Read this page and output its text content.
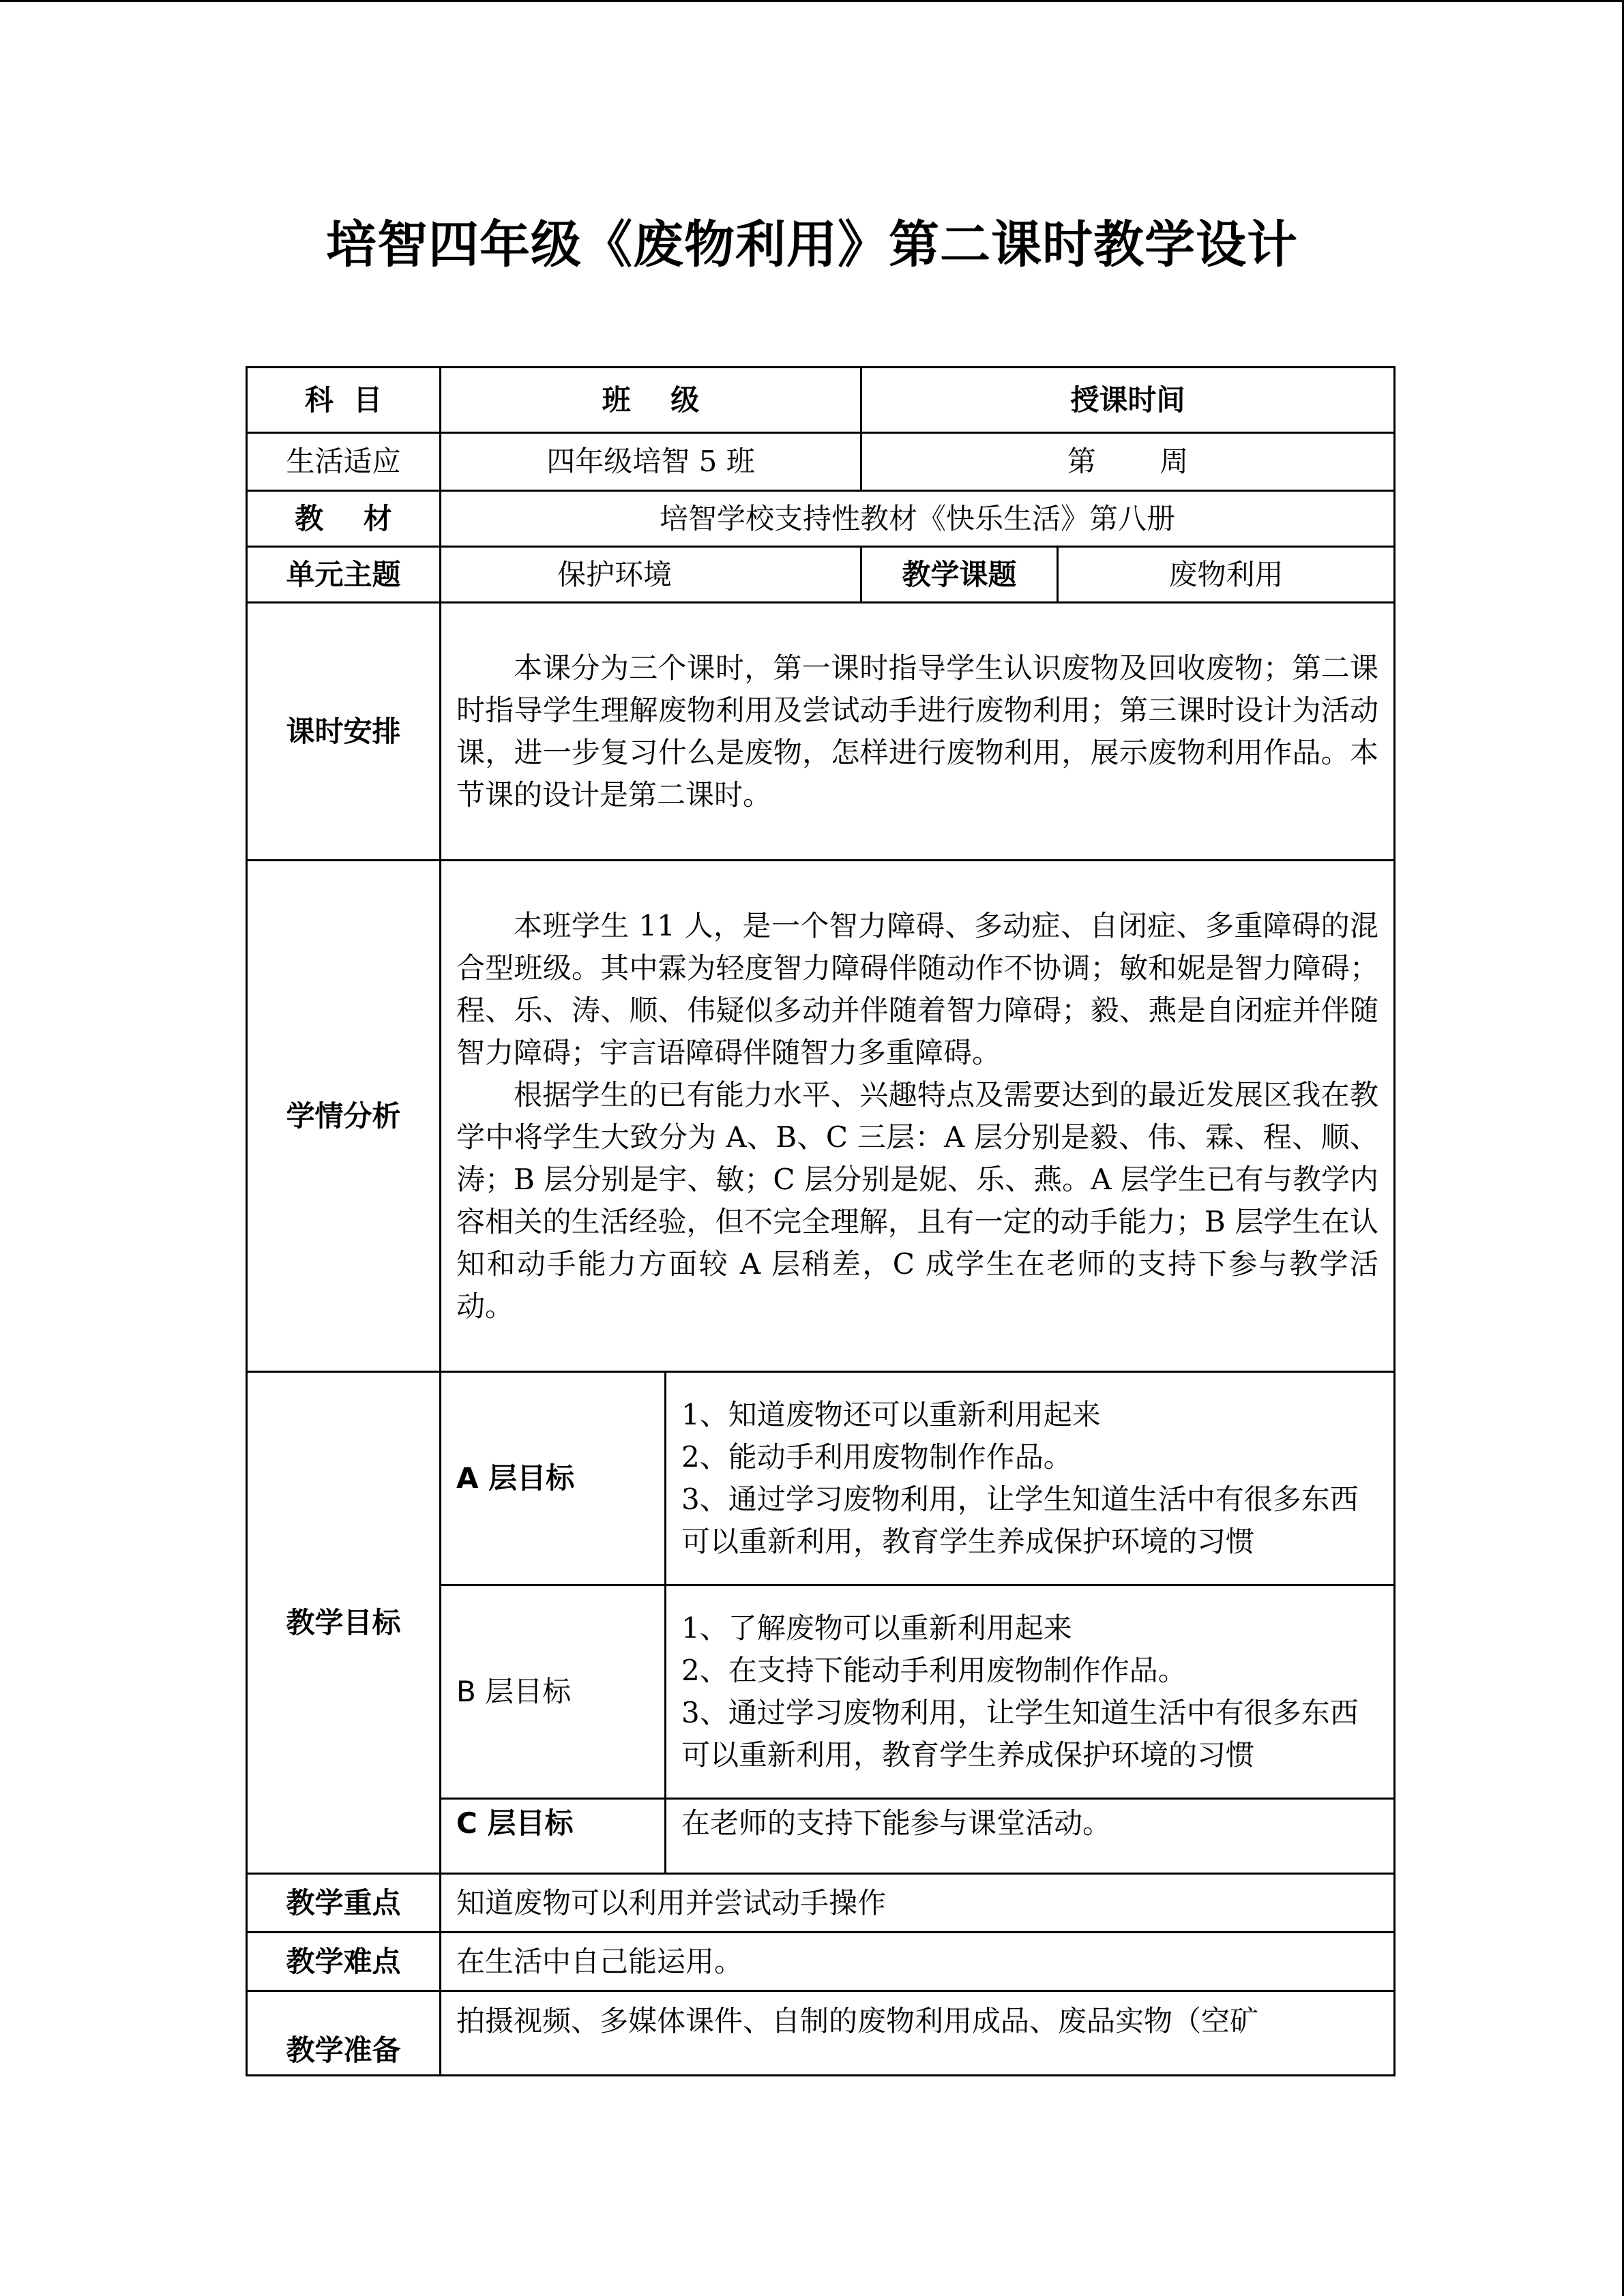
培智四年级《废物利用》第二课时教学设计
科  目	班    级		授课时间	
生活适应	四年级培智 5 班		第       周	
教    材	培智学校支持性教材《快乐生活》第八册			
单元主题	保护环境		教学课题	废物利用
课时安排	本课分为三个课时，第一课时指导学生认识废物及回收废物；第二课时指导学生理解废物利用及尝试动手进行废物利用；第三课时设计为活动课，进一步复习什么是废物，怎样进行废物利用，展示废物利用作品。本节课的设计是第二课时。			

学情分析	本班学生 11 人，是一个智力障碍、多动症、自闭症、多重障碍的混合型班级。其中霖为轻度智力障碍伴随动作不协调；敏和妮是智力障碍；程、乐、涛、顺、伟疑似多动并伴随着智力障碍；毅、燕是自闭症并伴随智力障碍；宇言语障碍伴随智力多重障碍。

根据学生的已有能力水平、兴趣特点及需要达到的最近发展区我在教学中将学生大致分为 A、B、C 三层：A 层分别是毅、伟、霖、程、顺、涛；B 层分别是宇、敏；C 层分别是妮、乐、燕。A 层学生已有与教学内容相关的生活经验，但不完全理解，且有一定的动手能力；B 层学生在认知和动手能力方面较 A 层稍差，C 成学生在老师的支持下参与教学活动。			

教学目标	A 层目标	1、知道废物还可以重新利用起来

2、能动手利用废物制作作品。

3、通过学习废物利用，让学生知道生活中有很多东西可以重新利用，教育学生养成保护环境的习惯		

	B 层目标	1、了解废物可以重新利用起来

2、在支持下能动手利用废物制作作品。

3、通过学习废物利用，让学生知道生活中有很多东西可以重新利用，教育学生养成保护环境的习惯		

	C 层目标	在老师的支持下能参与课堂活动。		
教学重点	知道废物可以利用并尝试动手操作			
教学难点	在生活中自己能运用。			
教学准备	拍摄视频、多媒体课件、自制的废物利用成品、废品实物（空矿			
